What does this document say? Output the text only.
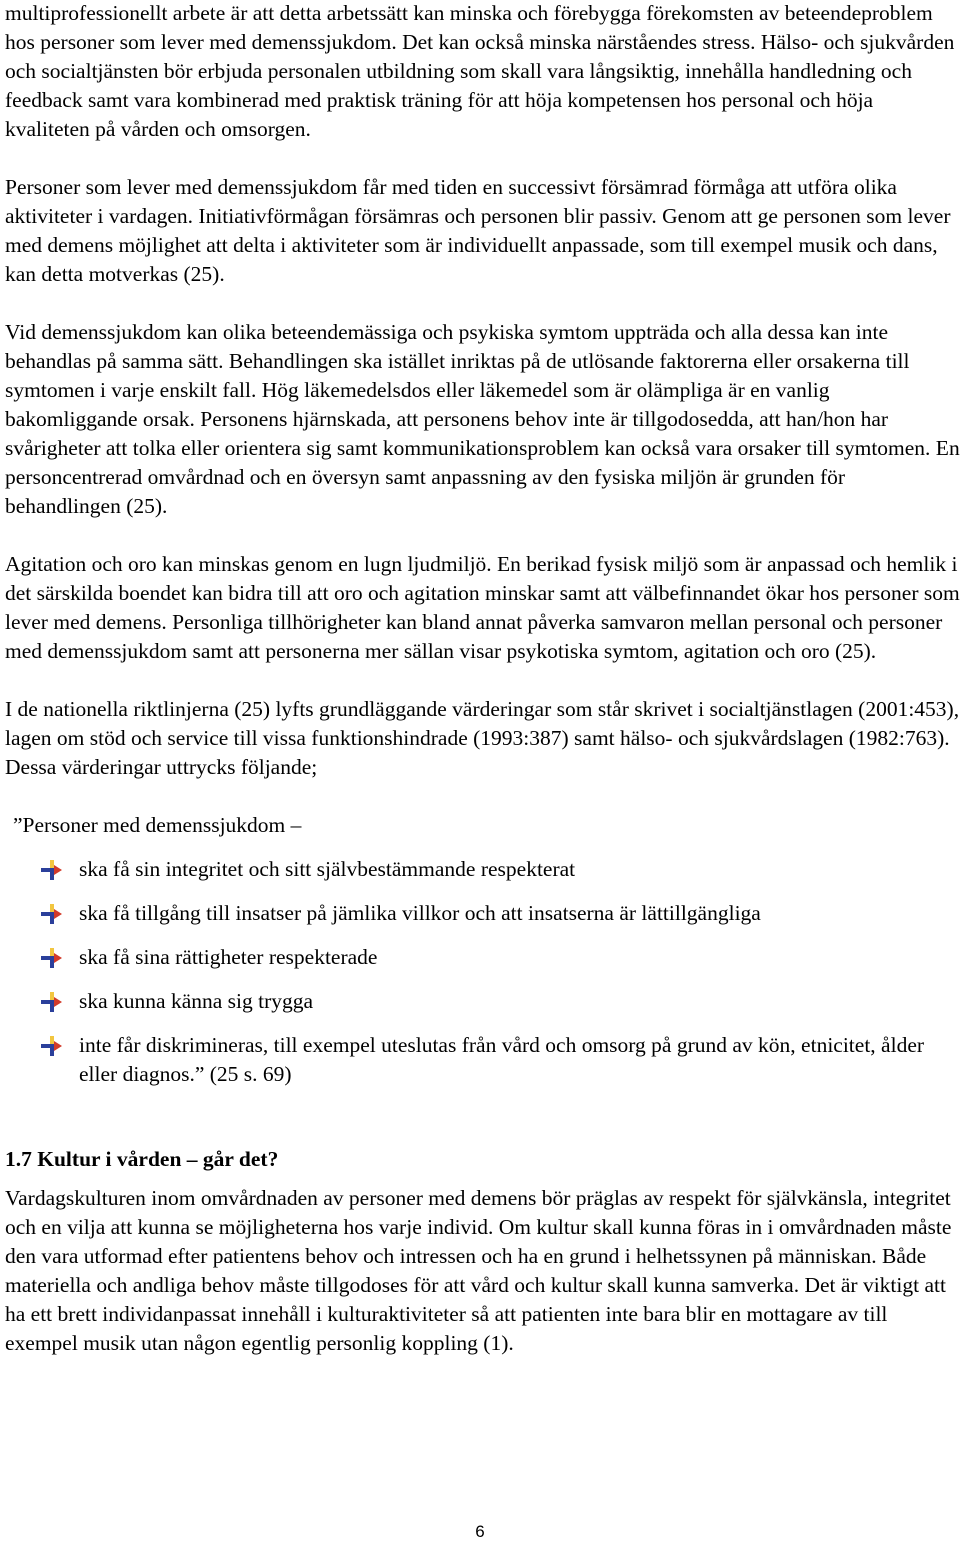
multiprofessionellt arbete är att detta arbetssätt kan minska och förebygga förekomsten av beteendeproblem hos personer som lever med demenssjukdom. Det kan också minska närståendes stress. Hälso- och sjukvården och socialtjänsten bör erbjuda personalen utbildning som skall vara långsiktig, innehålla handledning och feedback samt vara kombinerad med praktisk träning för att höja kompetensen hos personal och höja kvaliteten på vården och omsorgen.

Personer som lever med demenssjukdom får med tiden en successivt försämrad förmåga att utföra olika aktiviteter i vardagen. Initiativförmågan försämras och personen blir passiv. Genom att ge personen som lever med demens möjlighet att delta i aktiviteter som är individuellt anpassade, som till exempel musik och dans, kan detta motverkas (25).

Vid demenssjukdom kan olika beteendemässiga och psykiska symtom uppträda och alla dessa kan inte behandlas på samma sätt. Behandlingen ska istället inriktas på de utlösande faktorerna eller orsakerna till symtomen i varje enskilt fall. Hög läkemedelsdos eller läkemedel som är olämpliga är en vanlig bakomliggande orsak. Personens hjärnskada, att personens behov inte är tillgodosedda, att han/hon har svårigheter att tolka eller orientera sig samt kommunikationsproblem kan också vara orsaker till symtomen. En personcentrerad omvårdnad och en översyn samt anpassning av den fysiska miljön är grunden för behandlingen (25).

Agitation och oro kan minskas genom en lugn ljudmiljö. En berikad fysisk miljö som är anpassad och hemlik i det särskilda boendet kan bidra till att oro och agitation minskar samt att välbefinnandet ökar hos personer som lever med demens. Personliga tillhörigheter kan bland annat påverka samvaron mellan personal och personer med demenssjukdom samt att personerna mer sällan visar psykotiska symtom, agitation och oro (25).

I de nationella riktlinjerna (25) lyfts grundläggande värderingar som står skrivet i socialtjänstlagen (2001:453), lagen om stöd och service till vissa funktionshindrade (1993:387) samt hälso- och sjukvårdslagen (1982:763). Dessa värderingar uttrycks följande;

”Personer med demenssjukdom –
ska få sin integritet och sitt självbestämmande respekterat
ska få tillgång till insatser på jämlika villkor och att insatserna är lättillgängliga
ska få sina rättigheter respekterade
ska kunna känna sig trygga
inte får diskrimineras, till exempel uteslutas från vård och omsorg på grund av kön, etnicitet, ålder eller diagnos.” (25 s. 69)
1.7 Kultur i vården – går det?

Vardagskulturen inom omvårdnaden av personer med demens bör präglas av respekt för självkänsla, integritet och en vilja att kunna se möjligheterna hos varje individ. Om kultur skall kunna föras in i omvårdnaden måste den vara utformad efter patientens behov och intressen och ha en grund i helhetssynen på människan. Både materiella och andliga behov måste tillgodoses för att vård och kultur skall kunna samverka. Det är viktigt att ha ett brett individanpassat innehåll i kulturaktiviteter så att patienten inte bara blir en mottagare av till exempel musik utan någon egentlig personlig koppling (1).

6
